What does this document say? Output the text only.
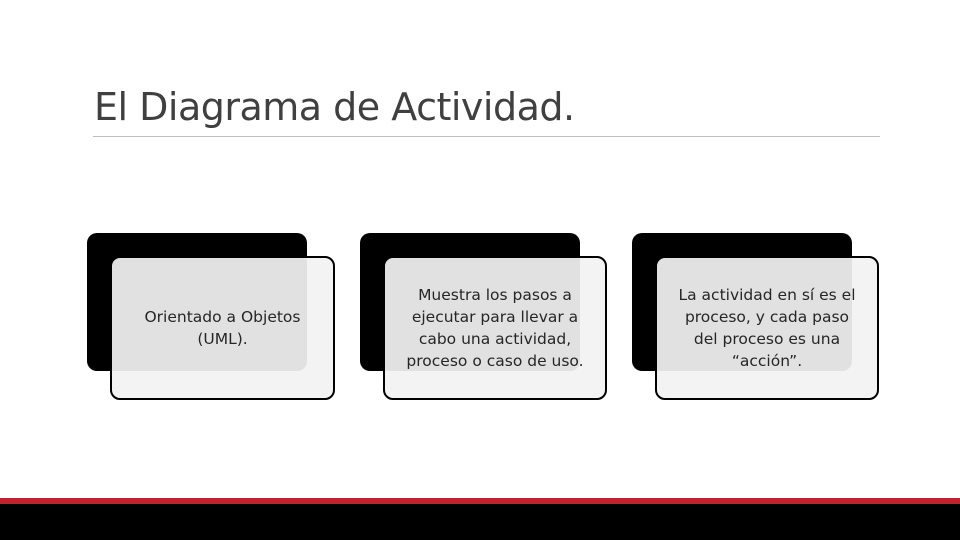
El Diagrama de Actividad.
Orientado a Objetos
(UML).
Muestra los pasos a
ejecutar para llevar a
cabo una actividad,
proceso o caso de uso.
La actividad en sí es el
proceso, y cada paso
del proceso es una
“acción”.
